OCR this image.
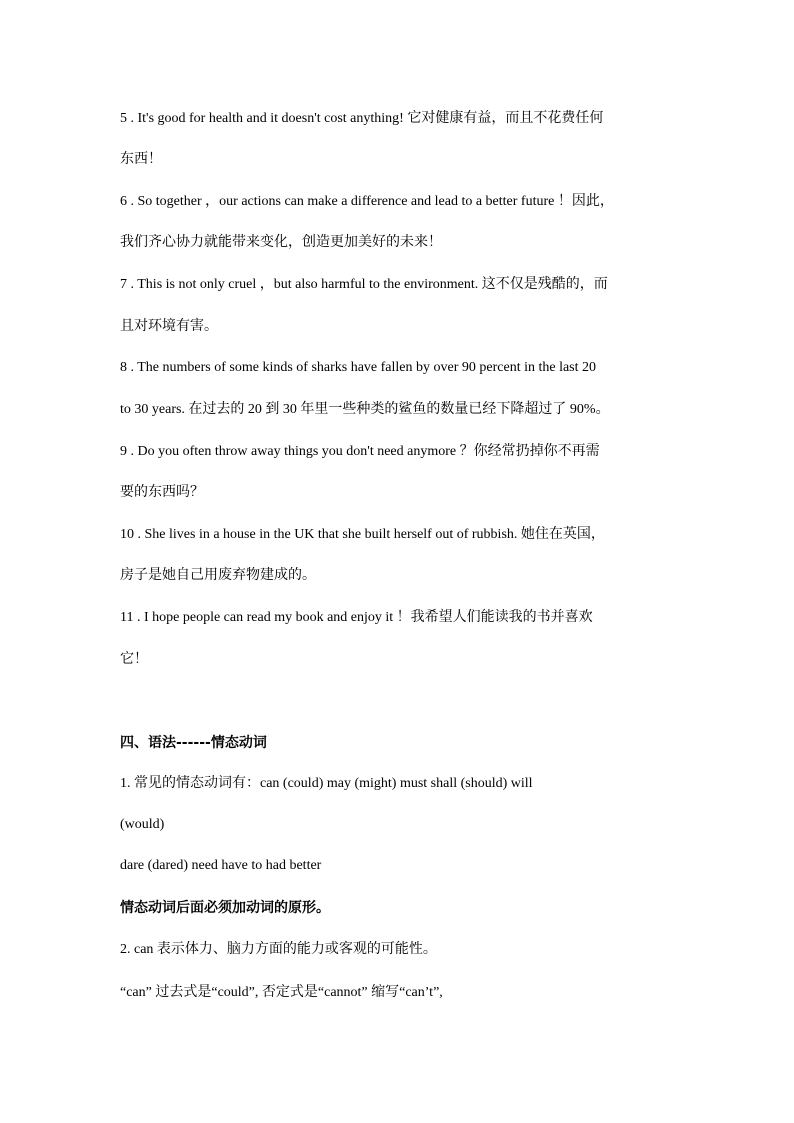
5 . It's good for health and it doesn't cost anything! 它对健康有益，而且不花费任何
东西！
6 . So together ，our actions can make a difference and lead to a better future ！因此，
我们齐心协力就能带来变化，创造更加美好的未来！
7 . This is not only cruel ，but also harmful to the environment. 这不仅是残酷的，而
且对环境有害。
8 . The numbers of some kinds of sharks have fallen by over 90 percent in the last 20
to 30 years. 在过去的 20 到 30 年里一些种类的鲨鱼的数量已经下降超过了 90%。
9 . Do you often throw away things you don't need anymore ？你经常扔掉你不再需
要的东西吗？
10 . She lives in a house in the UK that she built herself out of rubbish. 她住在英国，
房子是她自己用废弃物建成的。
11 . I hope people can read my book and enjoy it ！我希望人们能读我的书并喜欢
它！
四、语法------情态动词
1. 常见的情态动词有：can (could) may (might) must shall (should) will
(would)
dare (dared) need have to had better
情态动词后面必须加动词的原形。
2. can 表示体力、脑力方面的能力或客观的可能性。
“can” 过去式是“could”, 否定式是“cannot” 缩写“can’t”,
